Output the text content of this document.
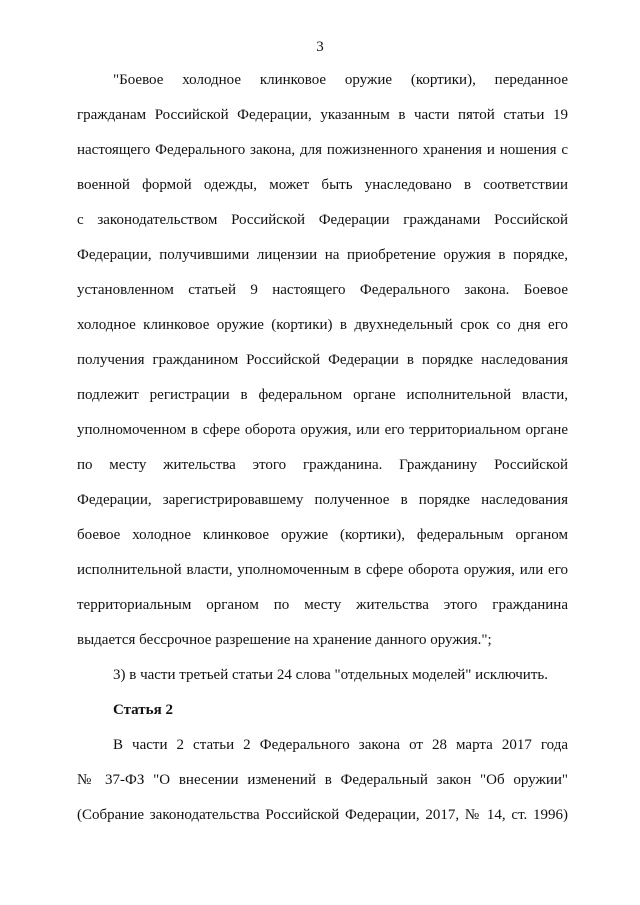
3
"Боевое холодное клинковое оружие (кортики), переданное
гражданам Российской Федерации, указанным в части пятой статьи 19
настоящего Федерального закона, для пожизненного хранения и ношения с
военной формой одежды, может быть унаследовано в соответствии
с законодательством Российской Федерации гражданами Российской
Федерации, получившими лицензии на приобретение оружия в порядке,
установленном статьей 9 настоящего Федерального закона. Боевое
холодное клинковое оружие (кортики) в двухнедельный срок со дня его
получения гражданином Российской Федерации в порядке наследования
подлежит регистрации в федеральном органе исполнительной власти,
уполномоченном в сфере оборота оружия, или его территориальном органе
по месту жительства этого гражданина. Гражданину Российской
Федерации, зарегистрировавшему полученное в порядке наследования
боевое холодное клинковое оружие (кортики), федеральным органом
исполнительной власти, уполномоченным в сфере оборота оружия, или его
территориальным органом по месту жительства этого гражданина
выдается бессрочное разрешение на хранение данного оружия.";
3) в части третьей статьи 24 слова "отдельных моделей" исключить.
Статья 2
В части 2 статьи 2 Федерального закона от 28 марта 2017 года
№ 37-ФЗ "О внесении изменений в Федеральный закон "Об оружии"
(Собрание законодательства Российской Федерации, 2017, № 14, ст. 1996)
